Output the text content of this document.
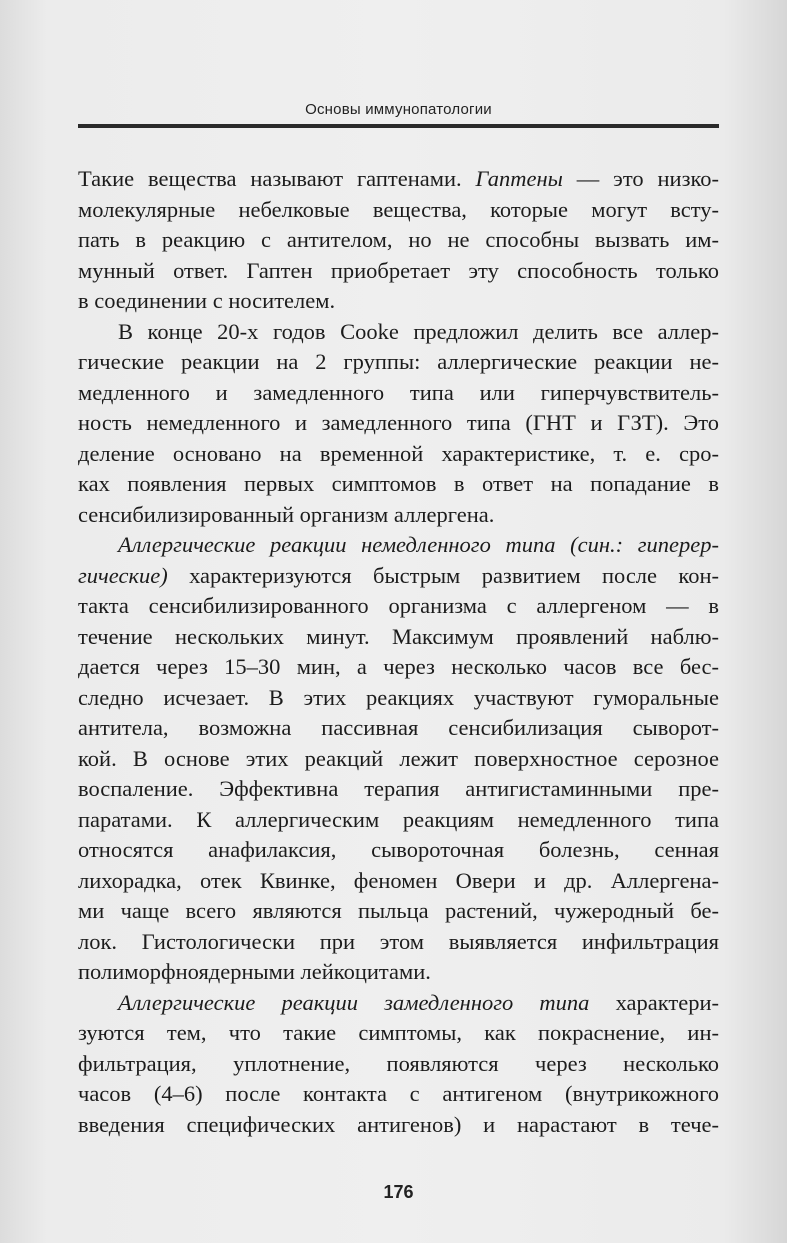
Основы иммунопатологии
Такие вещества называют гаптенами. Гаптены — это низко-
молекулярные небелковые вещества, которые могут всту-
пать в реакцию с антителом, но не способны вызвать им-
мунный ответ. Гаптен приобретает эту способность только
в соединении с носителем.
В конце 20-х годов Cooke предложил делить все аллер-
гические реакции на 2 группы: аллергические реакции не-
медленного и замедленного типа или гиперчувствитель-
ность немедленного и замедленного типа (ГНТ и ГЗТ). Это
деление основано на временной характеристике, т. е. сро-
ках появления первых симптомов в ответ на попадание в
сенсибилизированный организм аллергена.
Аллергические реакции немедленного типа (син.: гиперер-
гические) характеризуются быстрым развитием после кон-
такта сенсибилизированного организма с аллергеном — в
течение нескольких минут. Максимум проявлений наблю-
дается через 15–30 мин, а через несколько часов все бес-
следно исчезает. В этих реакциях участвуют гуморальные
антитела, возможна пассивная сенсибилизация сыворот-
кой. В основе этих реакций лежит поверхностное серозное
воспаление. Эффективна терапия антигистаминными пре-
паратами. К аллергическим реакциям немедленного типа
относятся анафилаксия, сывороточная болезнь, сенная
лихорадка, отек Квинке, феномен Овери и др. Аллергена-
ми чаще всего являются пыльца растений, чужеродный бе-
лок. Гистологически при этом выявляется инфильтрация
полиморфноядерными лейкоцитами.
Аллергические реакции замедленного типа характери-
зуются тем, что такие симптомы, как покраснение, ин-
фильтрация, уплотнение, появляются через несколько
часов (4–6) после контакта с антигеном (внутрикожного
введения специфических антигенов) и нарастают в тече-
176
